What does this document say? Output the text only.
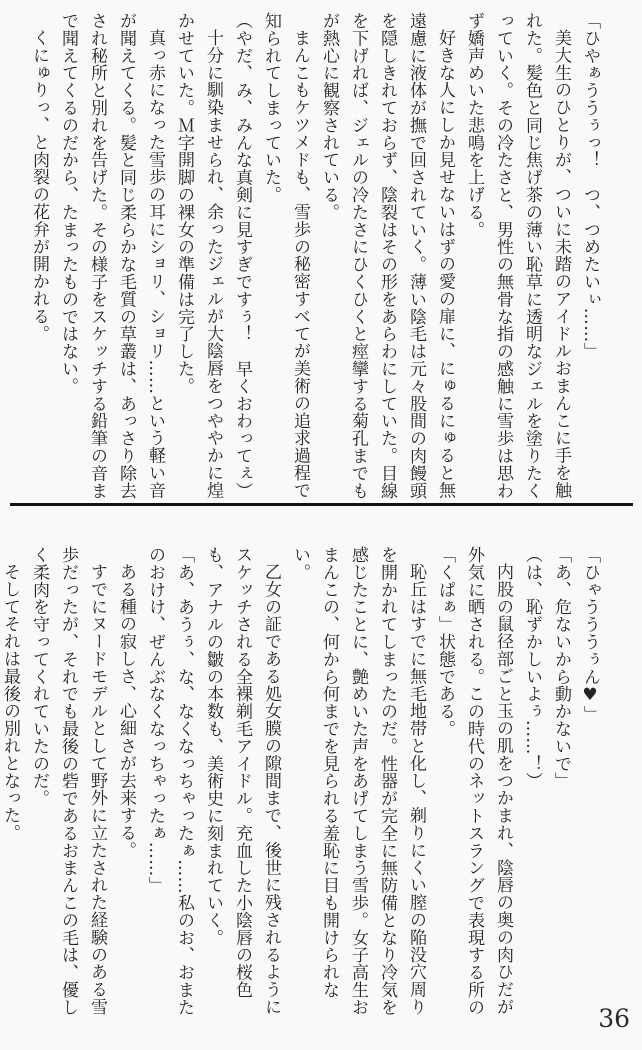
「ひやぁううぅっ！　つ、つめたいぃ……」

美大生のひとりが、ついに未踏のアイドルおまんこに手を触れた。髪色と同じ焦げ茶の薄い恥草に透明なジェルを塗りたくっていく。その冷たさと、男性の無骨な指の感触に雪歩は思わず嬌声めいた悲鳴を上げる。

好きな人にしか見せないはずの愛の扉に、にゅるにゅると無遠慮に液体が撫で回されていく。薄い陰毛は元々股間の肉饅頭を隠しきれておらず、陰裂はその形をあらわにしていた。目線を下げれば、ジェルの冷たさにひくひくと痙攣する菊孔までもが熱心に観察されている。

まんこもケツメドも、雪歩の秘密すべてが美術の追求過程で知られてしまっていた。

（やだ、み、みんな真剣に見すぎですぅ！　早くおわってぇ）

十分に馴染ませられ、余ったジェルが大陰唇をつややかに煌かせていた。Ｍ字開脚の裸女の準備は完了した。

真っ赤になった雪歩の耳にショリ、ショリ……という軽い音が聞えてくる。髪と同じ柔らかな毛質の草叢は、あっさり除去され秘所と別れを告げた。その様子をスケッチする鉛筆の音まで聞えてくるのだから、たまったものではない。

くにゅりっ、と肉裂の花弁が開かれる。

「ひゃうううぅん♥」

「あ、危ないから動かないで」

（は、恥ずかしいよぅ……！）

内股の鼠径部ごと玉の肌をつかまれ、陰唇の奥の肉ひだが外気に晒される。この時代のネットスラングで表現する所の「くぱぁ」状態である。

恥丘はすでに無毛地帯と化し、剃りにくい膣の陥没穴周りを開かれてしまったのだ。性器が完全に無防備となり冷気を感じたことに、艶めいた声をあげてしまう雪歩。女子高生おまんこの、何から何までを見られる羞恥に目も開けられない。

乙女の証である処女膜の隙間まで、後世に残されるようにスケッチされる全裸剃毛アイドル。充血した小陰唇の桜色も、アナルの皺の本数も、美術史に刻まれていく。

「あ、あうぅ、な、なくなっちゃったぁ……私のお、おまたのおけけ、ぜんぶなくなっちゃったぁ……」

ある種の寂しさ、心細さが去来する。

すでにヌードモデルとして野外に立たされた経験のある雪歩だったが、それでも最後の砦であるおまんこの毛は、優しく柔肉を守ってくれていたのだ。

そしてそれは最後の別れとなった。

36
